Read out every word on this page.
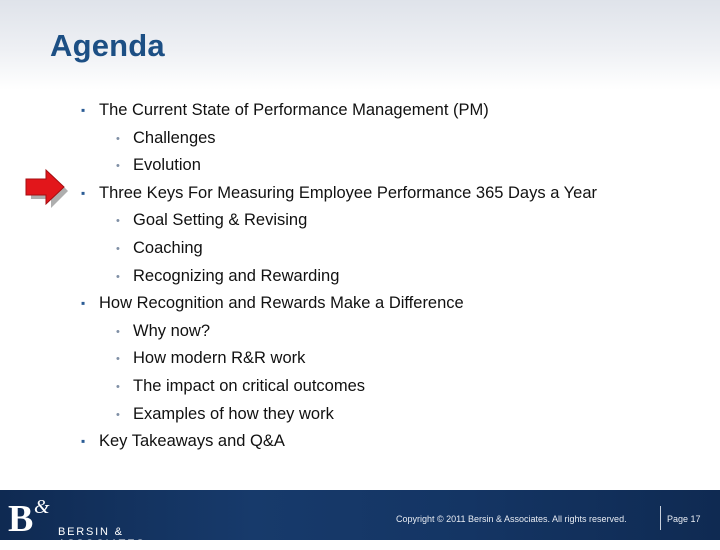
Agenda
▪ The Current State of Performance Management (PM)
• Challenges
• Evolution
▪ Three Keys For Measuring Employee Performance 365 Days a Year
• Goal Setting & Revising
• Coaching
• Recognizing and Rewarding
▪ How Recognition and Rewards Make a Difference
• Why now?
• How modern R&R work
• The impact on critical outcomes
• Examples of how they work
▪ Key Takeaways and Q&A
B &
BERSIN & ASSOCIATES
Copyright © 2011 Bersin & Associates. All rights reserved.	Page 17
